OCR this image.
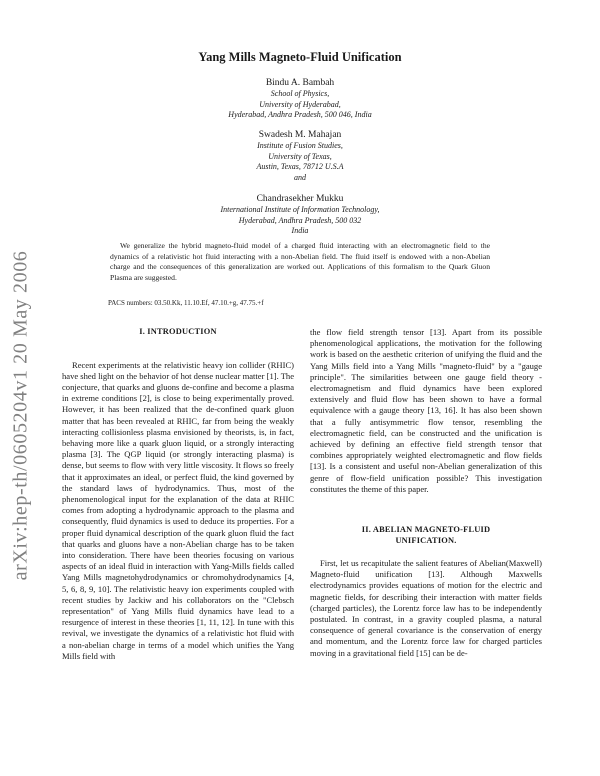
arXiv:hep-th/0605204v1 20 May 2006
Yang Mills Magneto-Fluid Unification
Bindu A. Bambah
School of Physics,
University of Hyderabad,
Hyderabad, Andhra Pradesh, 500 046, India
Swadesh M. Mahajan
Institute of Fusion Studies,
University of Texas,
Austin, Texas, 78712 U.S.A
and
Chandrasekher Mukku
International Institute of Information Technology,
Hyderabad, Andhra Pradesh, 500 032
India

We generalize the hybrid magneto-fluid model of a charged fluid interacting with an electromagnetic field to the dynamics of a relativistic hot fluid interacting with a non-Abelian field. The fluid itself is endowed with a non-Abelian charge and the consequences of this generalization are worked out. Applications of this formalism to the Quark Gluon Plasma are suggested.

PACS numbers: 03.50.Kk, 11.10.Ef, 47.10.+g, 47.75.+f
I. INTRODUCTION

Recent experiments at the relativistic heavy ion collider (RHIC) have shed light on the behavior of hot dense nuclear matter [1]. The conjecture, that quarks and gluons de-confine and become a plasma in extreme conditions [2], is close to being experimentally proved. However, it has been realized that the de-confined quark gluon matter that has been revealed at RHIC, far from being the weakly interacting collisionless plasma envisioned by theorists, is, in fact, behaving more like a quark gluon liquid, or a strongly interacting plasma [3]. The QGP liquid (or strongly interacting plasma) is dense, but seems to flow with very little viscosity. It flows so freely that it approximates an ideal, or perfect fluid, the kind governed by the standard laws of hydrodynamics. Thus, most of the phenomenological input for the explanation of the data at RHIC comes from adopting a hydrodynamic approach to the plasma and consequently, fluid dynamics is used to deduce its properties. For a proper fluid dynamical description of the quark gluon fluid the fact that quarks and gluons have a non-Abelian charge has to be taken into consideration. There have been theories focusing on various aspects of an ideal fluid in interaction with Yang-Mills fields called Yang Mills magnetohydrodynamics or chromohydrodynamics [4, 5, 6, 8, 9, 10]. The relativistic heavy ion experiments coupled with recent studies by Jackiw and his collaborators on the "Clebsch representation" of Yang Mills fluid dynamics have lead to a resurgence of interest in these theories [1, 11, 12]. In tune with this revival, we investigate the dynamics of a relativistic hot fluid with a non-abelian charge in terms of a model which unifies the Yang Mills field with

the flow field strength tensor [13]. Apart from its possible phenomenological applications, the motivation for the following work is based on the aesthetic criterion of unifying the fluid and the Yang Mills field into a Yang Mills "magneto-fluid" by a "gauge principle". The similarities between one gauge field theory - electromagnetism and fluid dynamics have been explored extensively and fluid flow has been shown to have a formal equivalence with a gauge theory [13, 16]. It has also been shown that a fully antisymmetric flow tensor, resembling the electromagnetic field, can be constructed and the unification is achieved by defining an effective field strength tensor that combines appropriately weighted electromagnetic and flow fields [13]. Is a consistent and useful non-Abelian generalization of this genre of flow-field unification possible? This investigation constitutes the theme of this paper.

II. ABELIAN MAGNETO-FLUID UNIFICATION.

First, let us recapitulate the salient features of Abelian(Maxwell) Magneto-fluid unification [13]. Although Maxwells electrodynamics provides equations of motion for the electric and magnetic fields, for describing their interaction with matter fields (charged particles), the Lorentz force law has to be independently postulated. In contrast, in a gravity coupled plasma, a natural consequence of general covariance is the conservation of energy and momentum, and the Lorentz force law for charged particles moving in a gravitational field [15] can be de-
